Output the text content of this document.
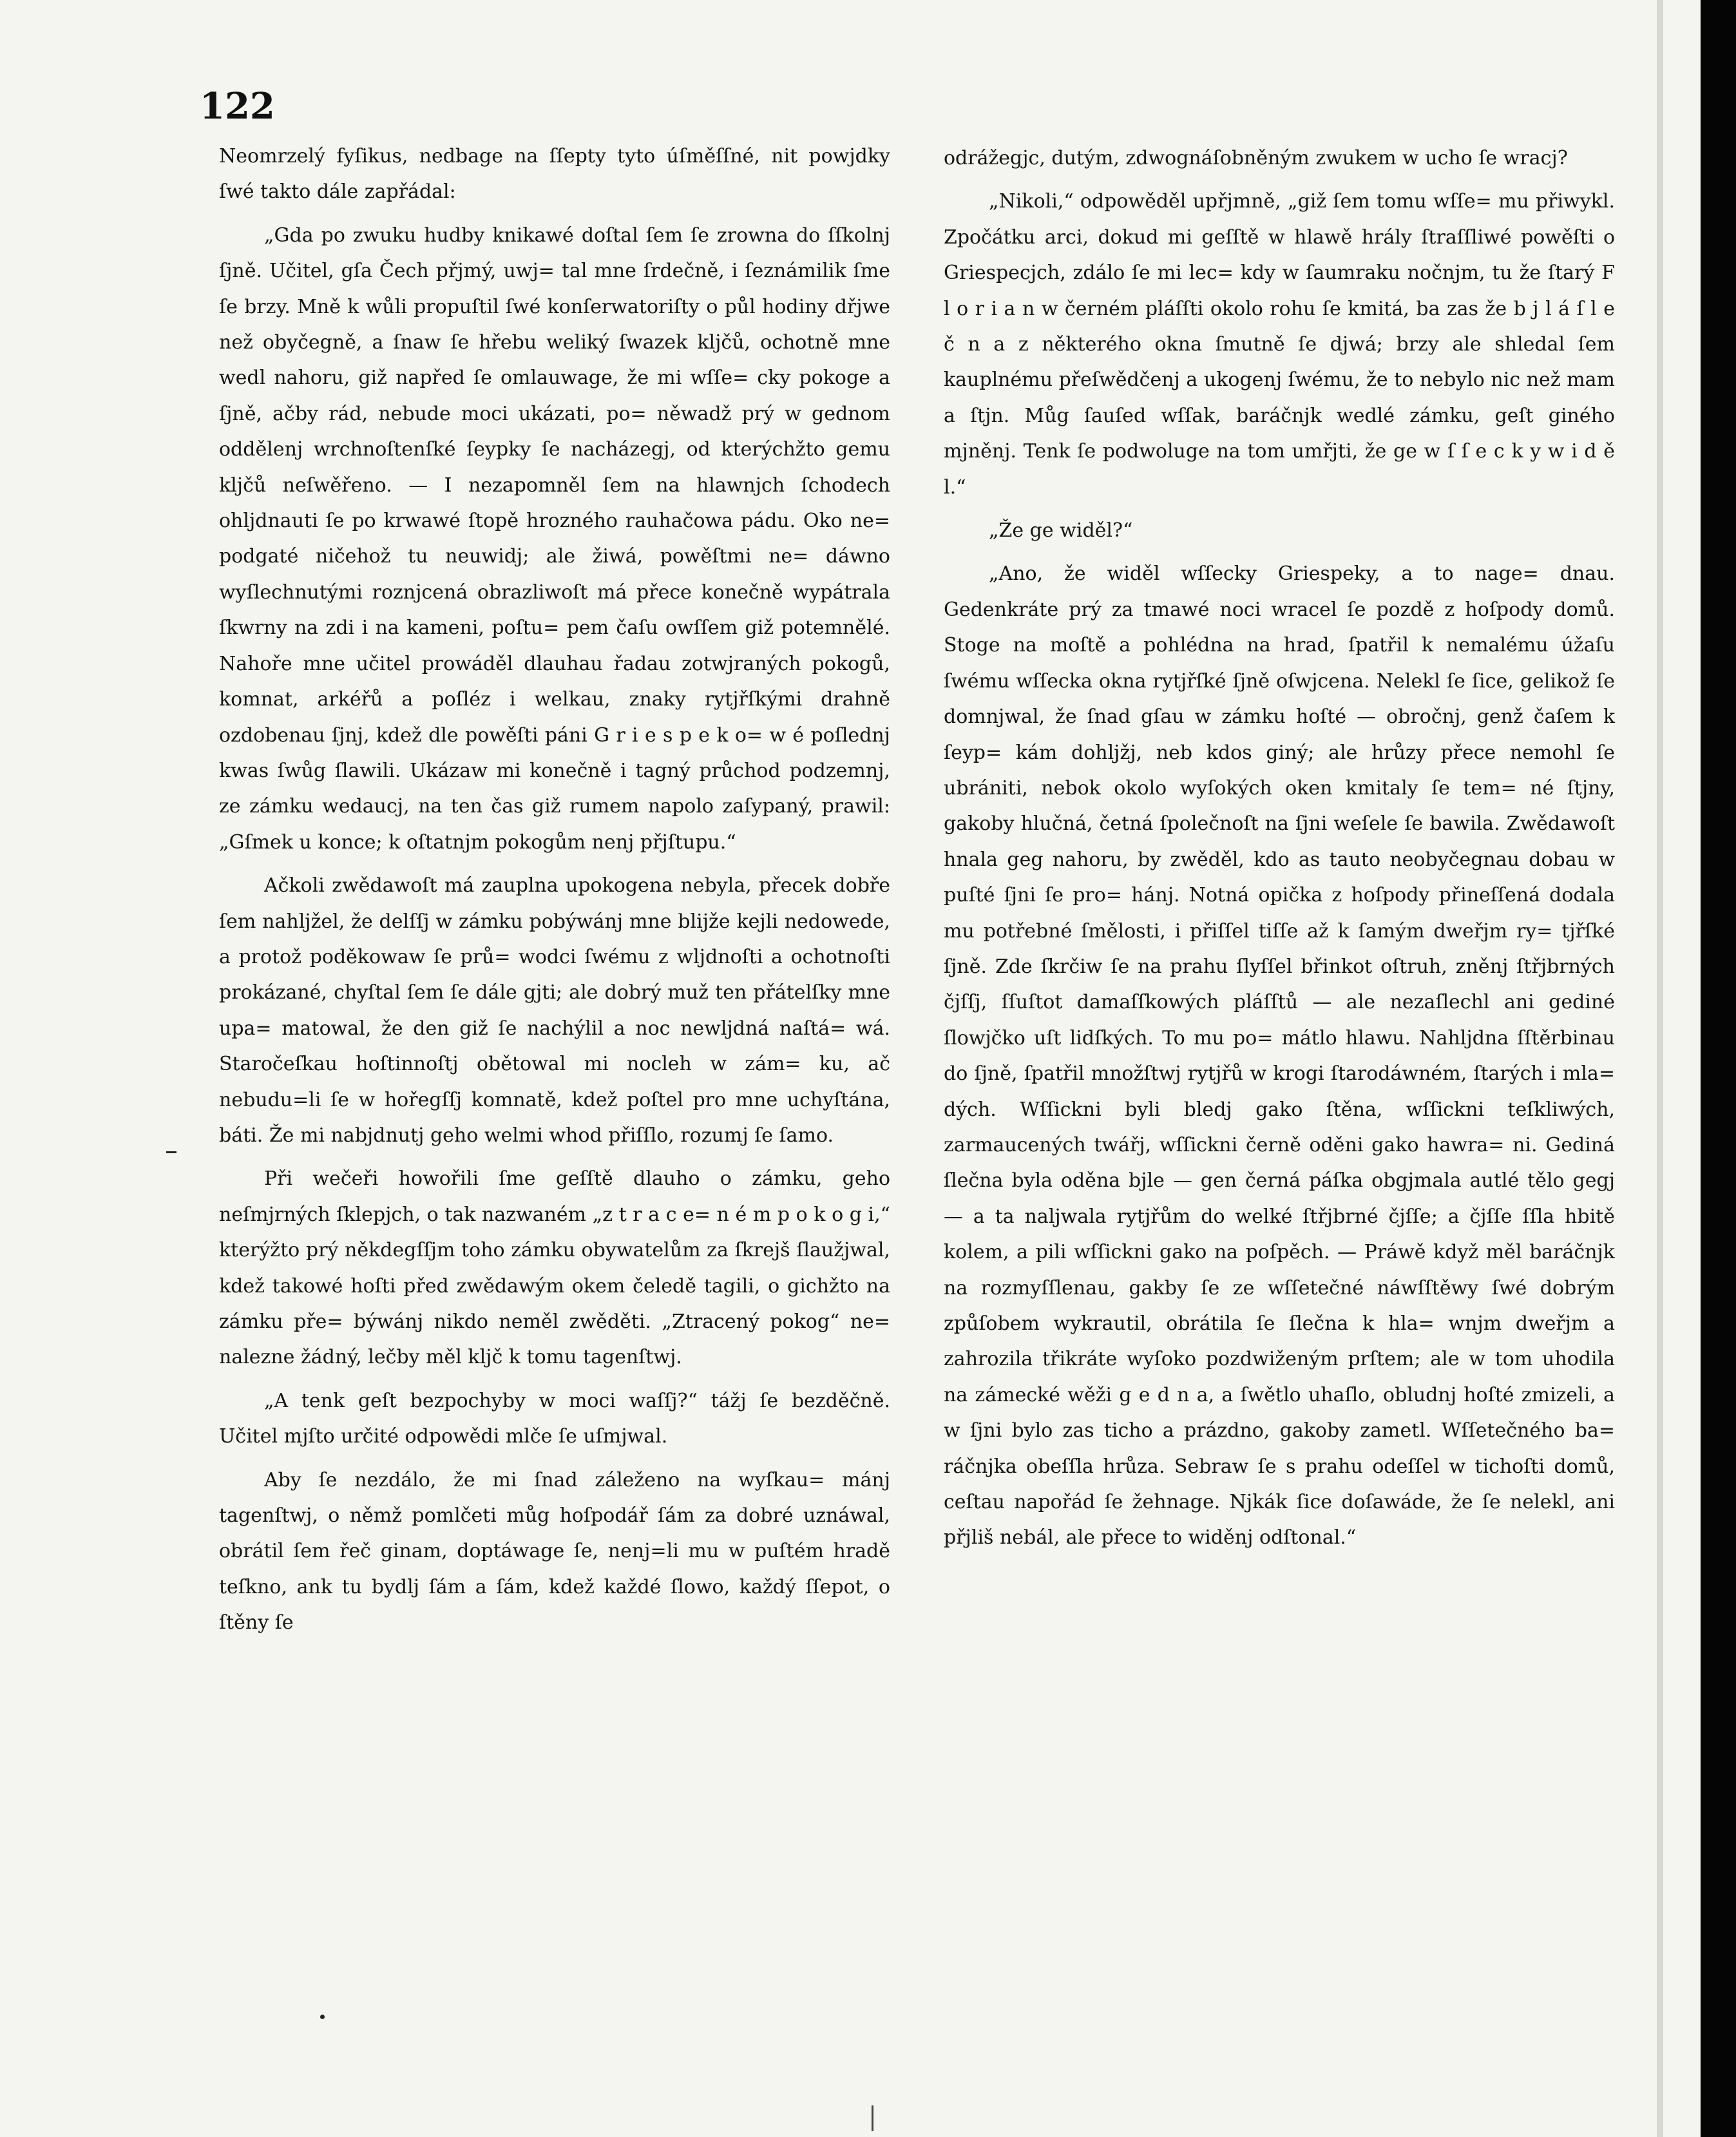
122

Neomrzelý fyſikus, nedbage na ſſepty tyto úſměſſné, nit powjdky ſwé takto dále zapřádal:

„Gda po zwuku hudby knikawé doſtal ſem ſe zrowna do ſſkolnj ſjně. Učitel, gſa Čech přjmý, uwj= tal mne ſrdečně, i ſeznámilik ſme ſe brzy. Mně k wůli propuſtil ſwé konſerwatoriſty o půl hodiny dřjwe než obyčegně, a ſnaw ſe hřebu weliký ſwazek kljčů, ochotně mne wedl nahoru, giž napřed ſe omlauwage, že mi wſſe= cky pokoge a ſjně, ačby rád, nebude moci ukázati, po= něwadž prý w gednom oddělenj wrchnoſtenſké ſeypky ſe nacházegj, od kterýchžto gemu kljčů neſwěřeno. — I nezapomněl ſem na hlawnjch ſchodech ohljdnauti ſe po krwawé ſtopě hrozného rauhačowa pádu. Oko ne= podgaté ničehož tu neuwidj; ale žiwá, powěſtmi ne= dáwno wyſlechnutými roznjcená obrazliwoſt má přece konečně wypátrala ſkwrny na zdi i na kameni, poſtu= pem čaſu owſſem giž potemnělé. Nahoře mne učitel prowáděl dlauhau řadau zotwjraných pokogů, komnat, arkéřů a poſléz i welkau, znaky rytjřſkými drahně ozdobenau ſjnj, kdež dle powěſti páni G r i e s p e k o= w é poſlednj kwas ſwůg ſlawili. Ukázaw mi konečně i tagný průchod podzemnj, ze zámku wedaucj, na ten čas giž rumem napolo zaſypaný, prawil: „Gſmek u konce; k oſtatnjm pokogům nenj přjſtupu.“

Ačkoli zwědawoſt má zauplna upokogena nebyla, přecek dobře ſem nahljžel, že delſſj w zámku pobýwánj mne blijže kejli nedowede, a protož poděkowaw ſe prů= wodci ſwému z wljdnoſti a ochotnoſti prokázané, chyſtal ſem ſe dále gjti; ale dobrý muž ten přátelſky mne upa= matowal, že den giž ſe nachýlil a noc newljdná naſtá= wá. Staročeſkau hoſtinnoſtj obětowal mi nocleh w zám= ku, ač nebudu=li ſe w hořegſſj komnatě, kdež poſtel pro mne uchyſtána, báti. Že mi nabjdnutj geho welmi whod přiſſlo, rozumj ſe ſamo.

Při wečeři howořili ſme geſſtě dlauho o zámku, geho neſmjrných ſklepjch, o tak nazwaném „z t r a c e= n é m p o k o g i,“ kterýžto prý někdegſſjm toho zámku obywatelům za ſkrejš ſlaužjwal, kdež takowé hoſti před zwědawým okem čeledě tagili, o gichžto na zámku pře= býwánj nikdo neměl zwěděti. „Ztracený pokog“ ne= nalezne žádný, lečby měl kljč k tomu tagenſtwj.

„A tenk geſt bezpochyby w moci waſſj?“ tážj ſe bezděčně. Učitel mjſto určité odpowědi mlče ſe uſmjwal.

Aby ſe nezdálo, že mi ſnad záleženo na wyſkau= mánj tagenſtwj, o němž pomlčeti můg hoſpodář ſám za dobré uznáwal, obrátil ſem řeč ginam, doptáwage ſe, nenj=li mu w puſtém hradě teſkno, ank tu bydlj ſám a ſám, kdež každé ſlowo, každý ſſepot, o ſtěny ſe

odrážegjc, dutým, zdwognáſobněným zwukem w ucho ſe wracj?

„Nikoli,“ odpowěděl upřjmně, „giž ſem tomu wſſe= mu přiwykl. Zpočátku arci, dokud mi geſſtě w hlawě hrály ſtraſſliwé powěſti o Griespecjch, zdálo ſe mi lec= kdy w ſaumraku nočnjm, tu že ſtarý F l o r i a n w černém pláſſti okolo rohu ſe kmitá, ba zas že b j l á ſ l e č n a z některého okna ſmutně ſe djwá; brzy ale shledal ſem kauplnému přeſwědčenj a ukogenj ſwému, že to nebylo nic než mam a ſtjn. Můg ſauſed wſſak, baráčnjk wedlé zámku, geſt giného mjněnj. Tenk ſe podwoluge na tom umřjti, že ge w ſ ſ e c k y w i d ě l.“

„Že ge widěl?“

„Ano, že widěl wſſecky Griespeky, a to nage= dnau. Gedenkráte prý za tmawé noci wracel ſe pozdě z hoſpody domů. Stoge na moſtě a pohlédna na hrad, ſpatřil k nemalému úžaſu ſwému wſſecka okna rytjřſké ſjně oſwjcena. Nelekl ſe ſice, gelikož ſe domnjwal, že ſnad gſau w zámku hoſté — obročnj, genž čaſem k ſeyp= kám dohljžj, neb kdos giný; ale hrůzy přece nemohl ſe ubrániti, nebok okolo wyſokých oken kmitaly ſe tem= né ſtjny, gakoby hlučná, četná ſpolečnoſt na ſjni weſele ſe bawila. Zwědawoſt hnala geg nahoru, by zwěděl, kdo as tauto neobyčegnau dobau w puſté ſjni ſe pro= hánj. Notná opička z hoſpody přineſſená dodala mu potřebné ſmělosti, i přiſſel tiſſe až k ſamým dweřjm ry= tjřſké ſjně. Zde ſkrčiw ſe na prahu ſlyſſel břinkot oſtruh, zněnj ſtřjbrných čjſſj, ſſuſtot damaſſkowých pláſſtů — ale nezaſlechl ani gediné ſlowjčko uſt lidſkých. To mu po= mátlo hlawu. Nahljdna ſſtěrbinau do ſjně, ſpatřil množſtwj rytjřů w krogi ſtarodáwném, ſtarých i mla= dých. Wſſickni byli bledj gako ſtěna, wſſickni teſkliwých, zarmaucených twářj, wſſickni černě oděni gako hawra= ni. Gediná ſlečna byla oděna bjle — gen černá páſka obgjmala autlé tělo gegj — a ta naljwala rytjřům do welké ſtřjbrné čjſſe; a čjſſe ſſla hbitě kolem, a pili wſſickni gako na poſpěch. — Práwě když měl baráčnjk na rozmyſſlenau, gakby ſe ze wſſetečné náwſſtěwy ſwé dobrým způſobem wykrautil, obrátila ſe ſlečna k hla= wnjm dweřjm a zahrozila třikráte wyſoko pozdwiženým prſtem; ale w tom uhodila na zámecké wěži g e d n a, a ſwětlo uhaſlo, obludnj hoſté zmizeli, a w ſjni bylo zas ticho a prázdno, gakoby zametl. Wſſetečného ba= ráčnjka obeſſla hrůza. Sebraw ſe s prahu odeſſel w tichoſti domů, ceſtau napořád ſe žehnage. Njkák ſice doſawáde, že ſe nelekl, ani přjliš nebál, ale přece to widěnj odſtonal.“
